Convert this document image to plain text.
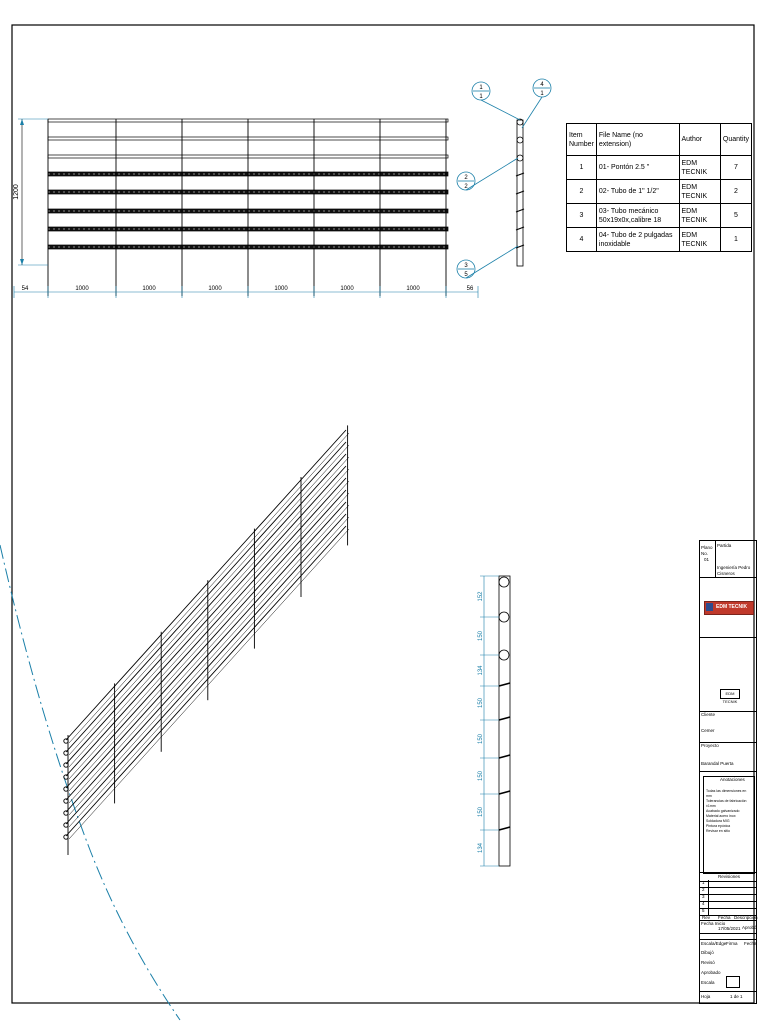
1200
54	56
1000	1000	1000	1000	1000	1000
1
1
4
1
2
2
3
5
152
150
134
150
150
150
150
134
Item Number	File Name (no extension)	Author	Quantity
1	01- Pontón 2.5 "	EDM TECNIK	7
2	02- Tubo de 1" 1/2"	EDM TECNIK	2
3	03- Tubo mecánico 50x19x0x,calibre 18	EDM TECNIK	5
4	04- Tubo de 2 pulgadas inoxidable	EDM TECNIK	1
Plano No.
01
Partida
Ingeniería Pedro Cisneros
EDM TECNIK
EDM TECNIK
Cliente
Cemer
Proyecto
Barandal Puerta
Anotaciones
Todas las dimensiones en mm
Tolerancias de fabricación ±1mm
Acabado galvanizado
Material acero inox
Soldadura MIG
Pintura epóxica
Revisar en sitio
Revisiones
1
2
3
4
5
Rev Fecha Descripción
Fecha Inicio
17/05/2021 Aprobó
Escala/Edge Firma Fecha
Dibujó
Revisó
Aprobado
Escala
Hoja	1 de 1
